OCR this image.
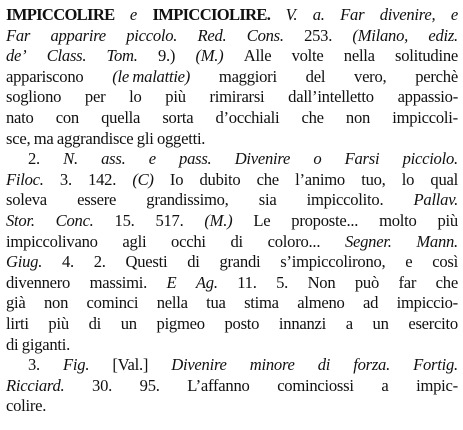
IMPICCOLIRE e IMPICCIOLIRE. V. a. Far divenire, e
Far apparire piccolo. Red. Cons. 253. (Milano, ediz.
de’ Class. Tom. 9.) (M.) Alle volte nella solitudine
appariscono (le malattie) maggiori del vero, perchè
sogliono per lo più rimirarsi dall’intelletto appassio-
nato con quella sorta d’occhiali che non impiccoli-
sce, ma aggrandisce gli oggetti.
2. N. ass. e pass. Divenire o Farsi picciolo.
Filoc. 3. 142. (C) Io dubito che l’animo tuo, lo qual
soleva essere grandissimo, sia impiccolito. Pallav.
Stor. Conc. 15. 517. (M.) Le proposte... molto più
impiccolivano agli occhi di coloro... Segner. Mann.
Giug. 4. 2. Questi di grandi s’impiccolirono, e così
divennero massimi. E Ag. 11. 5. Non può far che
già non cominci nella tua stima almeno ad impiccio-
lirti più di un pigmeo posto innanzi a un esercito
di giganti.
3. Fig. [Val.] Divenire minore di forza. Fortig.
Ricciard. 30. 95. L’affanno cominciossi a impic-
colire.
